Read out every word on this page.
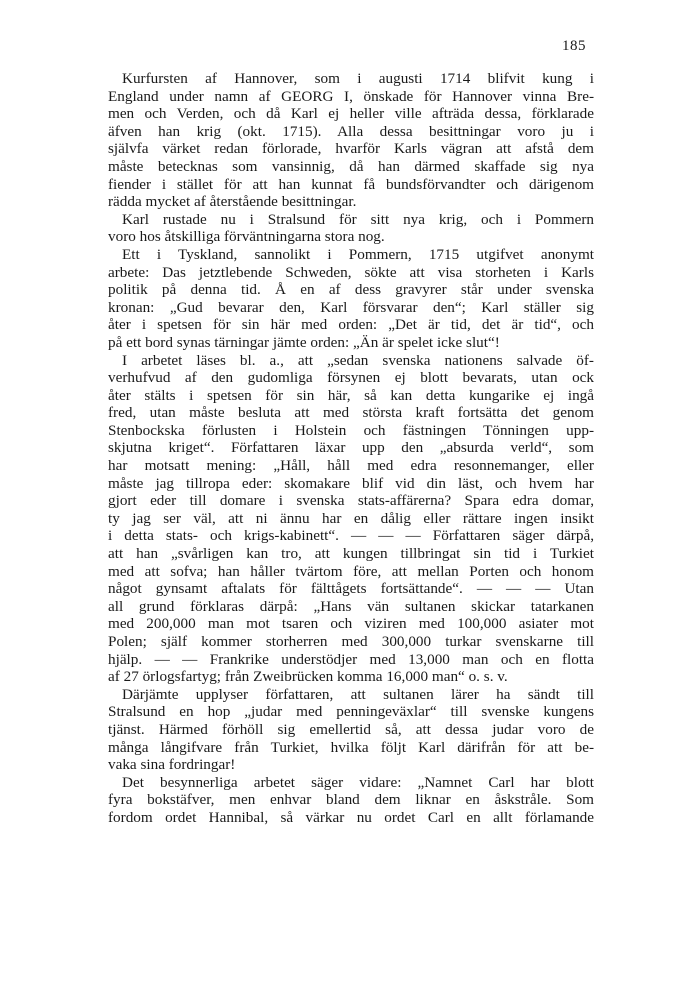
185

Kurfursten af Hannover, som i augusti 1714 blifvit kung i

England under namn af GEORG I, önskade för Hannover vinna Bre-

men och Verden, och då Karl ej heller ville afträda dessa, förklarade

äfven han krig (okt. 1715). Alla dessa besittningar voro ju i

självfa värket redan förlorade, hvarför Karls vägran att afstå dem

måste betecknas som vansinnig, då han därmed skaffade sig nya

fiender i stället för att han kunnat få bundsförvandter och därigenom

rädda mycket af återstående besittningar.

Karl rustade nu i Stralsund för sitt nya krig, och i Pommern

voro hos åtskilliga förväntningarna stora nog.

Ett i Tyskland, sannolikt i Pommern, 1715 utgifvet anonymt

arbete: Das jetztlebende Schweden, sökte att visa storheten i Karls

politik på denna tid. Å en af dess gravyrer står under svenska

kronan: „Gud bevarar den, Karl försvarar den“; Karl ställer sig

åter i spetsen för sin här med orden: „Det är tid, det är tid“, och

på ett bord synas tärningar jämte orden: „Än är spelet icke slut“!

I arbetet läses bl. a., att „sedan svenska nationens salvade öf-

verhufvud af den gudomliga försynen ej blott bevarats, utan ock

åter stälts i spetsen för sin här, så kan detta kungarike ej ingå

fred, utan måste besluta att med största kraft fortsätta det genom

Stenbockska förlusten i Holstein och fästningen Tönningen upp-

skjutna kriget“. Författaren läxar upp den „absurda verld“, som

har motsatt mening: „Håll, håll med edra resonnemanger, eller

måste jag tillropa eder: skomakare blif vid din läst, och hvem har

gjort eder till domare i svenska stats-affärerna? Spara edra domar,

ty jag ser väl, att ni ännu har en dålig eller rättare ingen insikt

i detta stats- och krigs-kabinett“. — — — Författaren säger därpå,

att han „svårligen kan tro, att kungen tillbringat sin tid i Turkiet

med att sofva; han håller tvärtom före, att mellan Porten och honom

något gynsamt aftalats för fälttågets fortsättande“. — — — Utan

all grund förklaras därpå: „Hans vän sultanen skickar tatarkanen

med 200,000 man mot tsaren och viziren med 100,000 asiater mot

Polen; själf kommer storherren med 300,000 turkar svenskarne till

hjälp. — — Frankrike understödjer med 13,000 man och en flotta

af 27 örlogsfartyg; från Zweibrücken komma 16,000 man“ o. s. v.

Därjämte upplyser författaren, att sultanen lärer ha sändt till

Stralsund en hop „judar med penningeväxlar“ till svenske kungens

tjänst. Härmed förhöll sig emellertid så, att dessa judar voro de

många långifvare från Turkiet, hvilka följt Karl därifrån för att be-

vaka sina fordringar!

Det besynnerliga arbetet säger vidare: „Namnet Carl har blott

fyra bokstäfver, men enhvar bland dem liknar en åskstråle. Som

fordom ordet Hannibal, så värkar nu ordet Carl en allt förlamande
